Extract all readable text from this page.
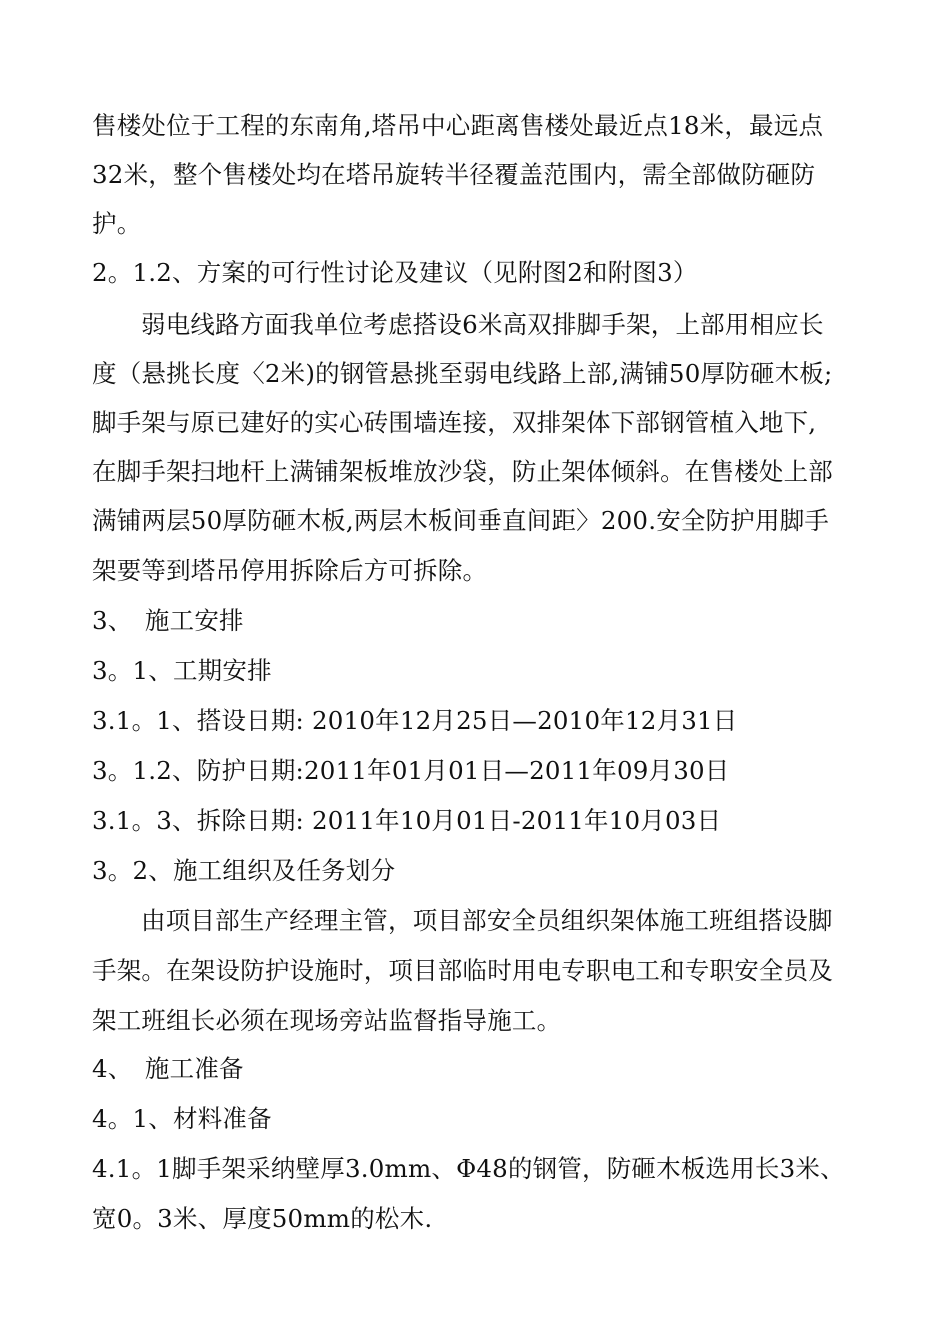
售楼处位于工程的东南角,塔吊中心距离售楼处最近点18米，最远点
32米，整个售楼处均在塔吊旋转半径覆盖范围内，需全部做防砸防
护。
2。1.2、方案的可行性讨论及建议（见附图2和附图3）
弱电线路方面我单位考虑搭设6米高双排脚手架，上部用相应长
度（悬挑长度〈2米)的钢管悬挑至弱电线路上部,满铺50厚防砸木板;
脚手架与原已建好的实心砖围墙连接，双排架体下部钢管植入地下,
在脚手架扫地杆上满铺架板堆放沙袋，防止架体倾斜。在售楼处上部
满铺两层50厚防砸木板,两层木板间垂直间距〉200.安全防护用脚手
架要等到塔吊停用拆除后方可拆除。
3、　施工安排
3。1、工期安排
3.1。1、搭设日期: 2010年12月25日—2010年12月31日
3。1.2、防护日期:2011年01月01日—2011年09月30日
3.1。3、拆除日期: 2011年10月01日-2011年10月03日
3。2、施工组织及任务划分
由项目部生产经理主管，项目部安全员组织架体施工班组搭设脚
手架。在架设防护设施时，项目部临时用电专职电工和专职安全员及
架工班组长必须在现场旁站监督指导施工。
4、　施工准备
4。1、材料准备
4.1。1脚手架采纳壁厚3.0mm、Φ48的钢管，防砸木板选用长3米、
宽0。3米、厚度50mm的松木.
